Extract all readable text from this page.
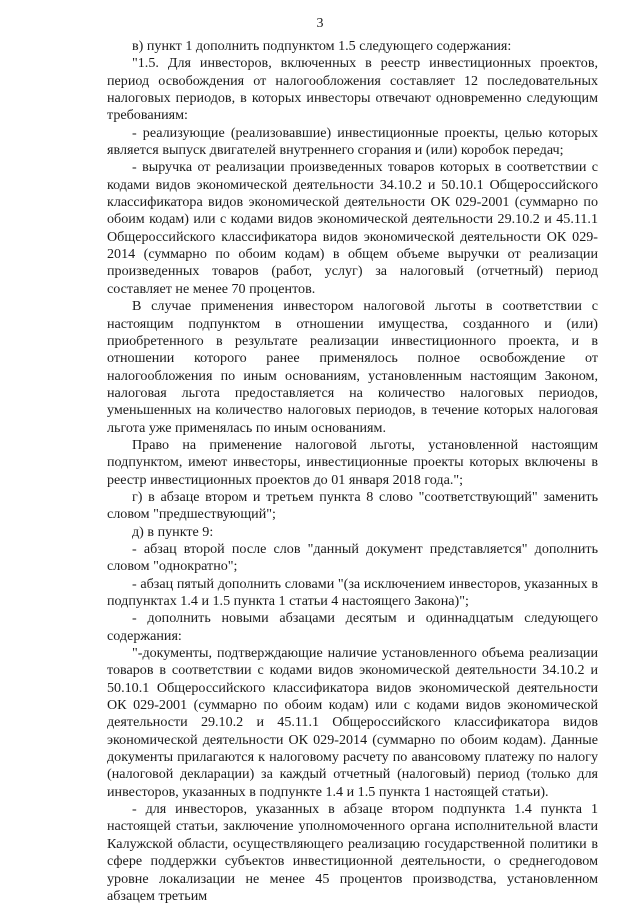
3

в) пункт 1 дополнить подпунктом 1.5 следующего содержания:

"1.5. Для инвесторов, включенных в реестр инвестиционных проектов, период освобождения от налогообложения составляет 12 последовательных налоговых периодов, в которых инвесторы отвечают одновременно следующим требованиям:

- реализующие (реализовавшие) инвестиционные проекты, целью которых является выпуск двигателей внутреннего сгорания и (или) коробок передач;

- выручка от реализации произведенных товаров которых в соответствии с кодами видов экономической деятельности 34.10.2 и 50.10.1 Общероссийского классификатора видов экономической деятельности ОК 029-2001 (суммарно по обоим кодам) или с кодами видов экономической деятельности 29.10.2 и 45.11.1 Общероссийского классификатора видов экономической деятельности ОК 029-2014 (суммарно по обоим кодам) в общем объеме выручки от реализации произведенных товаров (работ, услуг) за налоговый (отчетный) период составляет не менее 70 процентов.

В случае применения инвестором налоговой льготы в соответствии с настоящим подпунктом в отношении имущества, созданного и (или) приобретенного в результате реализации инвестиционного проекта, и в отношении которого ранее применялось полное освобождение от налогообложения по иным основаниям, установленным настоящим Законом, налоговая льгота предоставляется на количество налоговых периодов, уменьшенных на количество налоговых периодов, в течение которых налоговая льгота уже применялась по иным основаниям.

Право на применение налоговой льготы, установленной настоящим подпунктом, имеют инвесторы, инвестиционные проекты которых включены в реестр инвестиционных проектов до 01 января 2018 года.";

г) в абзаце втором и третьем пункта 8 слово "соответствующий" заменить словом "предшествующий";

д) в пункте 9:

- абзац второй после слов "данный документ представляется" дополнить словом "однократно";

- абзац пятый дополнить словами "(за исключением инвесторов, указанных в подпунктах 1.4 и 1.5 пункта 1 статьи 4 настоящего Закона)";

- дополнить новыми абзацами десятым и одиннадцатым следующего содержания:

"-документы, подтверждающие наличие установленного объема реализации товаров в соответствии с кодами видов экономической деятельности 34.10.2 и 50.10.1 Общероссийского классификатора видов экономической деятельности ОК 029-2001 (суммарно по обоим кодам) или с кодами видов экономической деятельности 29.10.2 и 45.11.1 Общероссийского классификатора видов экономической деятельности ОК 029-2014 (суммарно по обоим кодам). Данные документы прилагаются к налоговому расчету по авансовому платежу по налогу (налоговой декларации) за каждый отчетный (налоговый) период (только для инвесторов, указанных в подпункте 1.4 и 1.5 пункта 1 настоящей статьи).

- для инвесторов, указанных в абзаце втором подпункта 1.4 пункта 1 настоящей статьи, заключение уполномоченного органа исполнительной власти Калужской области, осуществляющего реализацию государственной политики в сфере поддержки субъектов инвестиционной деятельности, о среднегодовом уровне локализации не менее 45 процентов производства, установленном абзацем третьим
